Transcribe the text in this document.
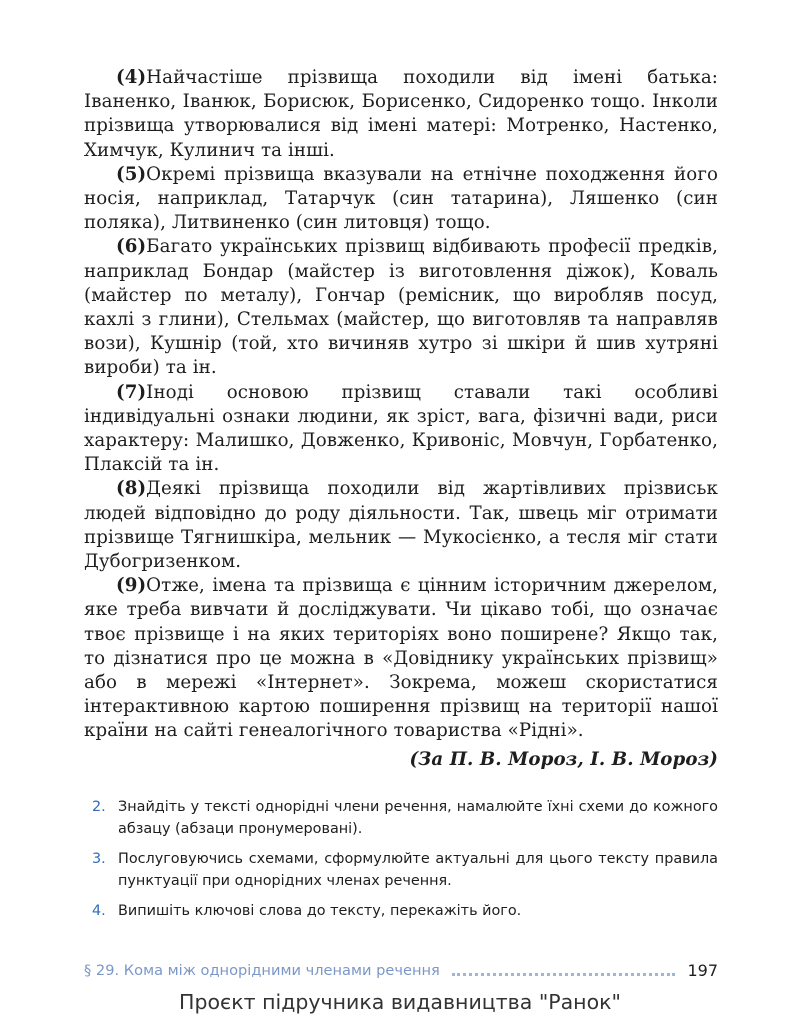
(4)Найчастіше прізвища походили від імені батька: Іваненко, Іванюк, Борисюк, Борисенко, Сидоренко тощо. Інколи прізвища утворювалися від імені матері: Мотренко, Настенко, Химчук, Кулинич та інші.

(5)Окремі прізвища вказували на етнічне походження його носія, наприклад, Татарчук (син татарина), Ляшенко (син поляка), Литвиненко (син литовця) тощо.

(6)Багато українських прізвищ відбивають професії предків, наприклад Бондар (майстер із виготовлення діжок), Коваль (майстер по металу), Гончар (ремісник, що виробляв посуд, кахлі з глини), Стельмах (майстер, що виготовляв та направляв вози), Кушнір (той, хто вичиняв хутро зі шкіри й шив хутряні вироби) та ін.

(7)Іноді основою прізвищ ставали такі особливі індивідуальні ознаки людини, як зріст, вага, фізичні вади, риси характеру: Малишко, Довженко, Кривоніс, Мовчун, Горбатенко, Плаксій та ін.

(8)Деякі прізвища походили від жартівливих прізвиськ людей відповідно до роду діяльности. Так, швець міг отримати прізвище Тягнишкіра, мельник — Мукосієнко, а тесля міг стати Дубогризенком.

(9)Отже, імена та прізвища є цінним історичним джерелом, яке треба вивчати й досліджувати. Чи цікаво тобі, що означає твоє прізвище і на яких територіях воно поширене? Якщо так, то дізнатися про це можна в «Довіднику українських прізвищ» або в мережі «Інтернет». Зокрема, можеш скористатися інтерактивною картою поширення прізвищ на території нашої країни на сайті генеалогічного товариства «Рідні».

(За П. В. Мороз, І. В. Мороз)
2. Знайдіть у тексті однорідні члени речення, намалюйте їхні схеми до кожного абзацу (абзаци пронумеровані).
3. Послуговуючись схемами, сформулюйте актуальні для цього тексту правила пунктуації при однорідних членах речення.
4. Випишіть ключові слова до тексту, перекажіть його.
§ 29. Кома між однорідними членами речення	197
Проєкт підручника видавництва "Ранок"
